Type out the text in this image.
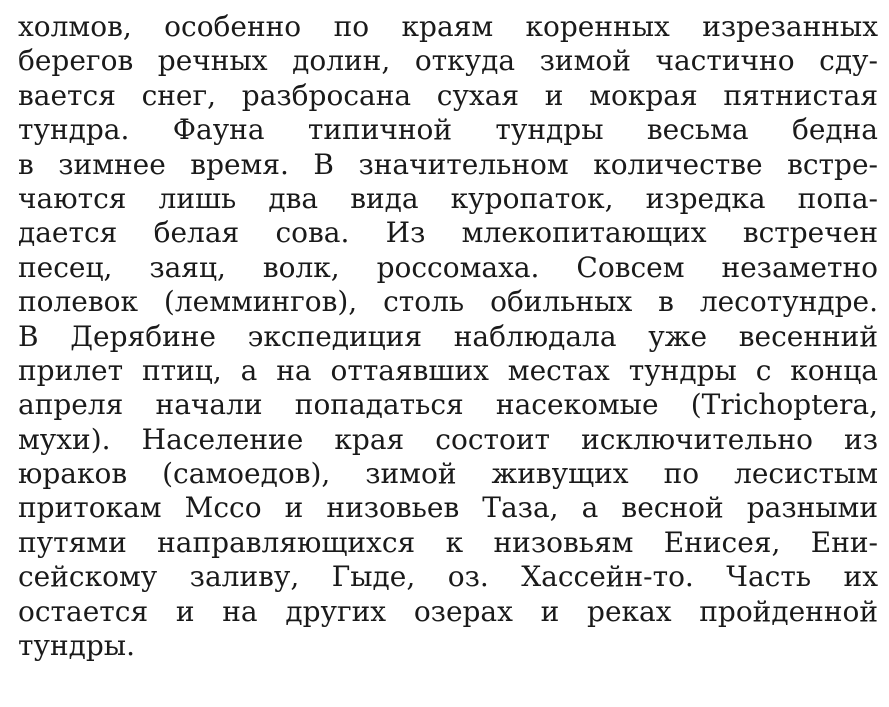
холмов, особенно по краям коренных изрезанных
берегов речных долин, откуда зимой частично сду-
вается снег, разбросана сухая и мокрая пятнистая
тундра. Фауна типичной тундры весьма бедна
в зимнее время. В значительном количестве встре-
чаются лишь два вида куропаток, изредка попа-
дается белая сова. Из млекопитающих встречен
песец, заяц, волк, россомаха. Совсем незаметно
полевок (леммингов), столь обильных в лесотундре.
В Дерябине экспедиция наблюдала уже весенний
прилет птиц, а на оттаявших местах тундры с конца
апреля начали попадаться насекомые (Trichoptera,
мухи). Население края состоит исключительно из
юраков (самоедов), зимой живущих по лесистым
притокам Мсcо и низовьев Таза, а весной разными
путями направляющихся к низовьям Енисея, Ени-
сейскому заливу, Гыде, оз. Хассейн-то. Часть их
остается и на других озерах и реках пройденной
тундры.
